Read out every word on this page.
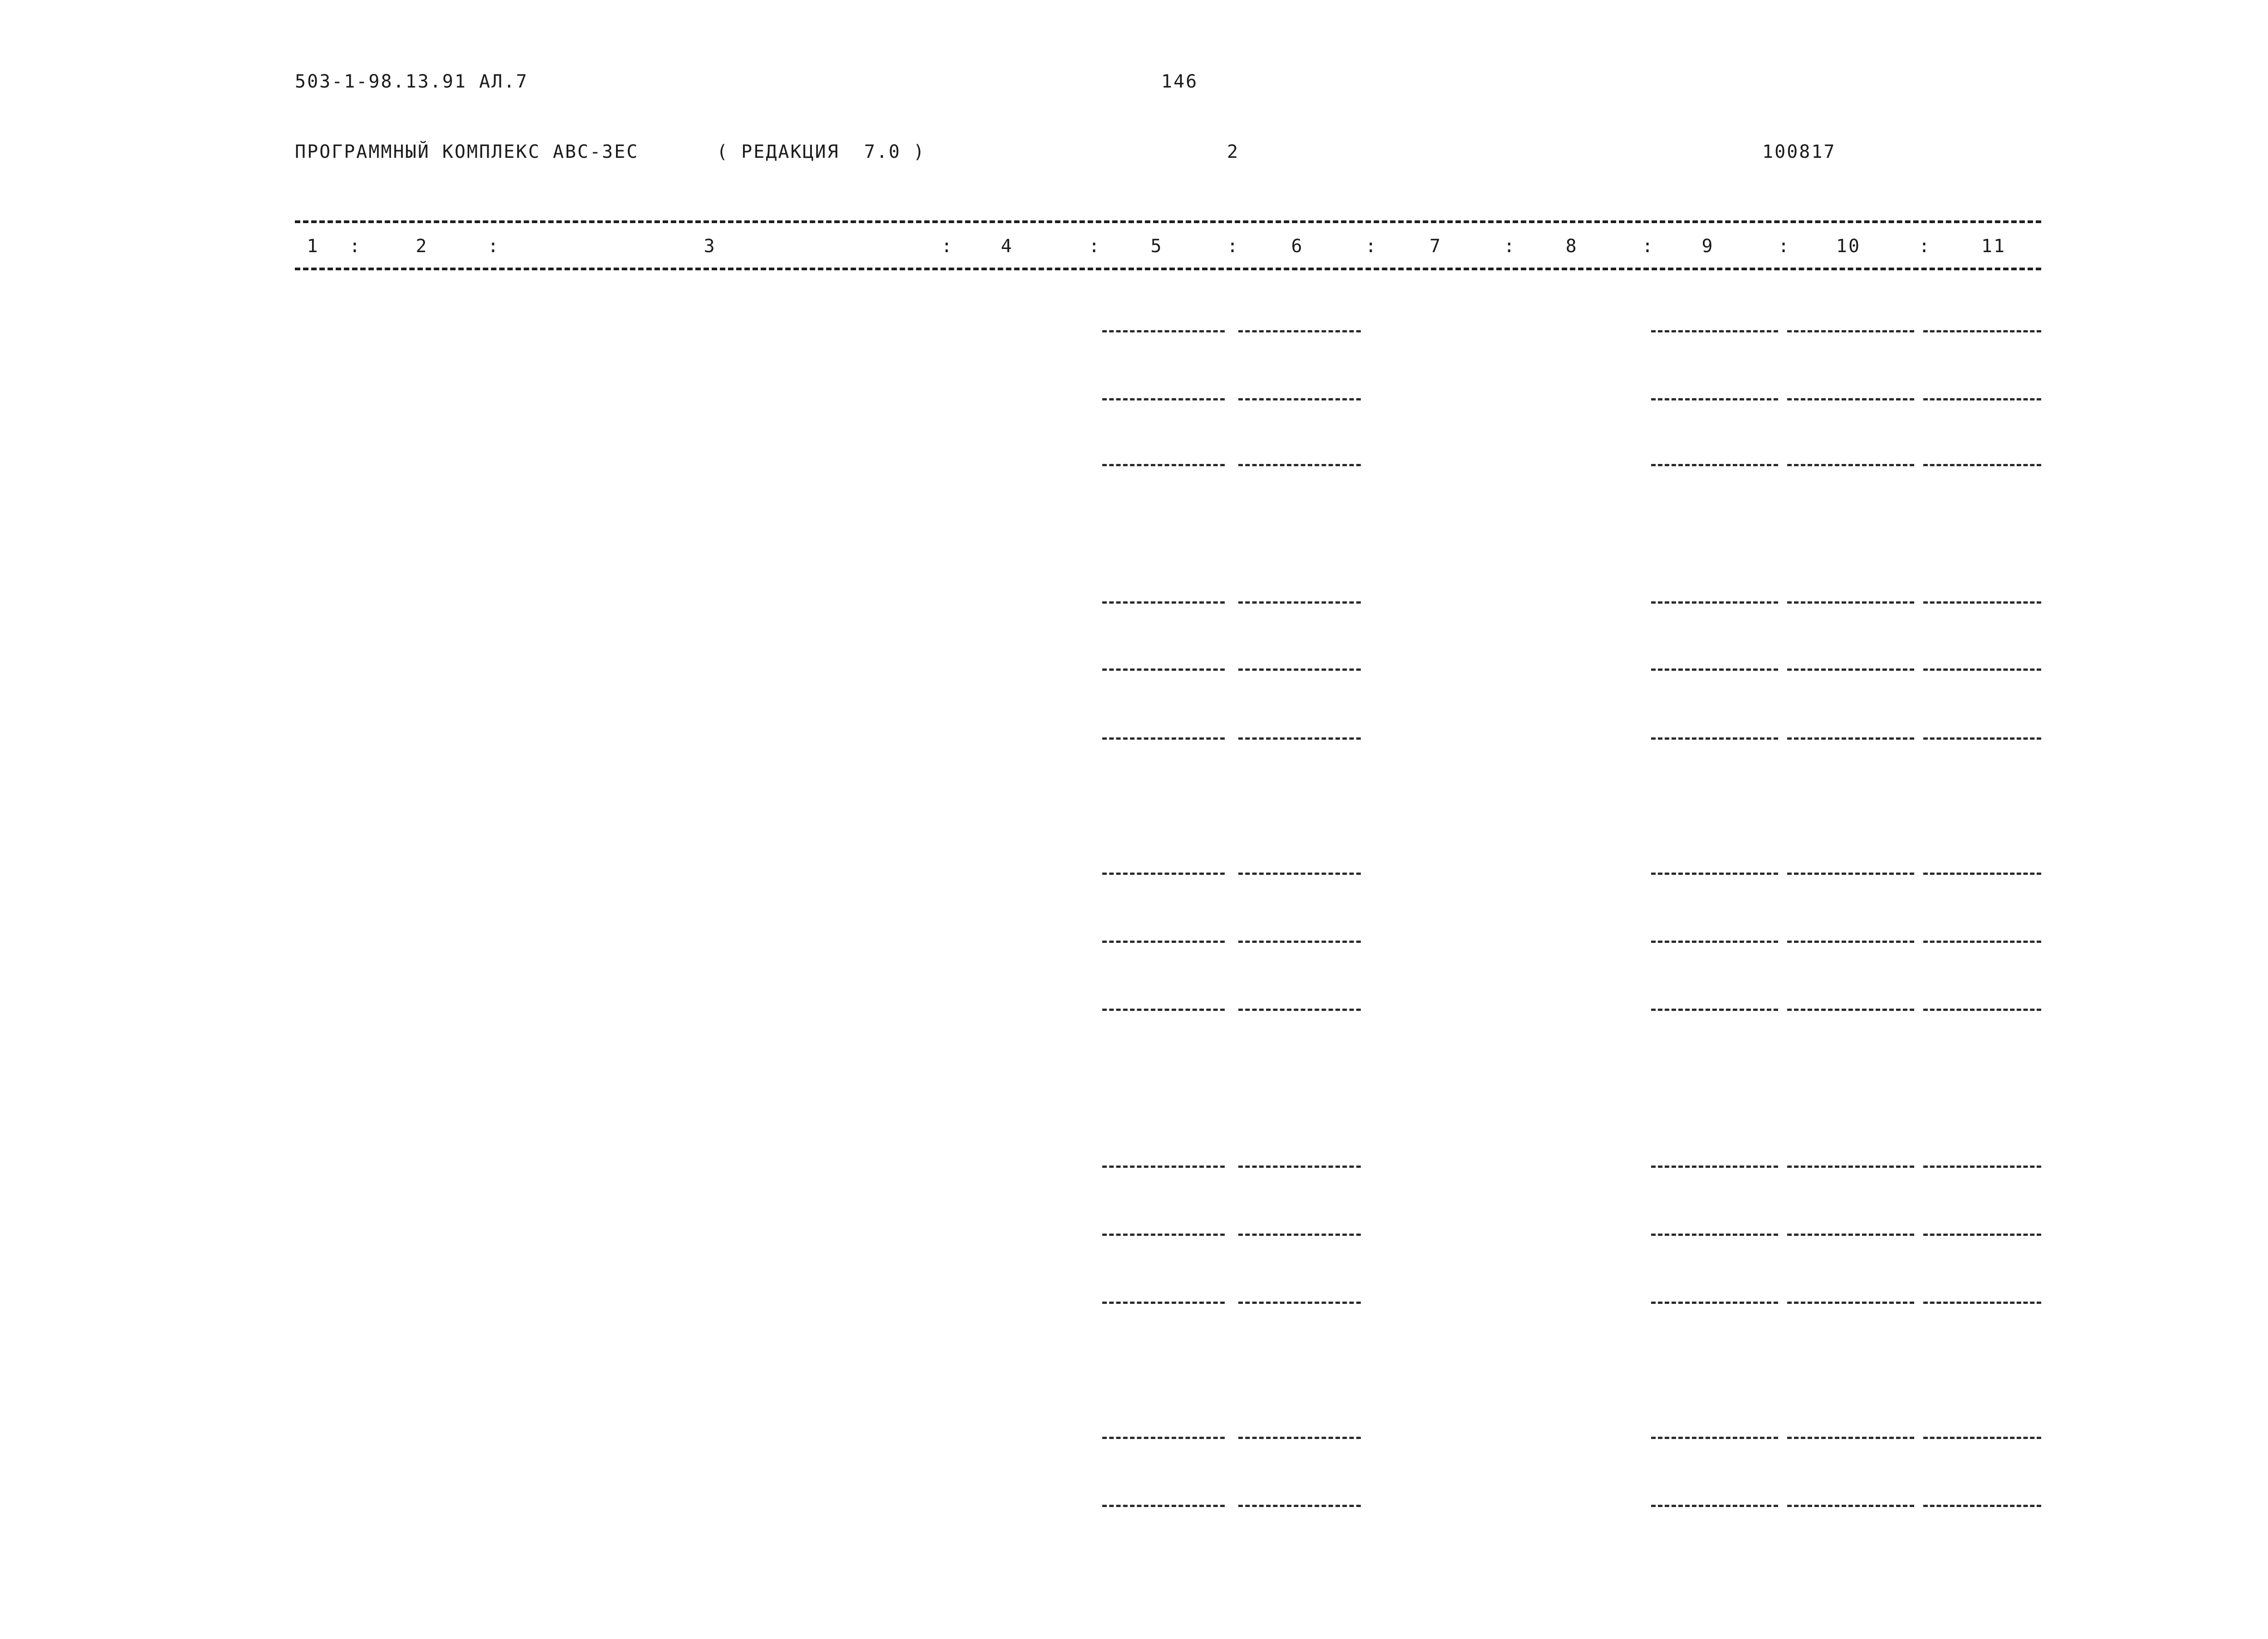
503-1-98.13.91 АЛ.7	146
ПРОГРАММНЫЙ КОМПЛЕКС АВС-3ЕС	( РЕДАКЦИЯ  7.0 )	2	100817
1	2	3	4	5	6	7	8	9	10	11
:	:	:	:	:	:	:	:	:	:
